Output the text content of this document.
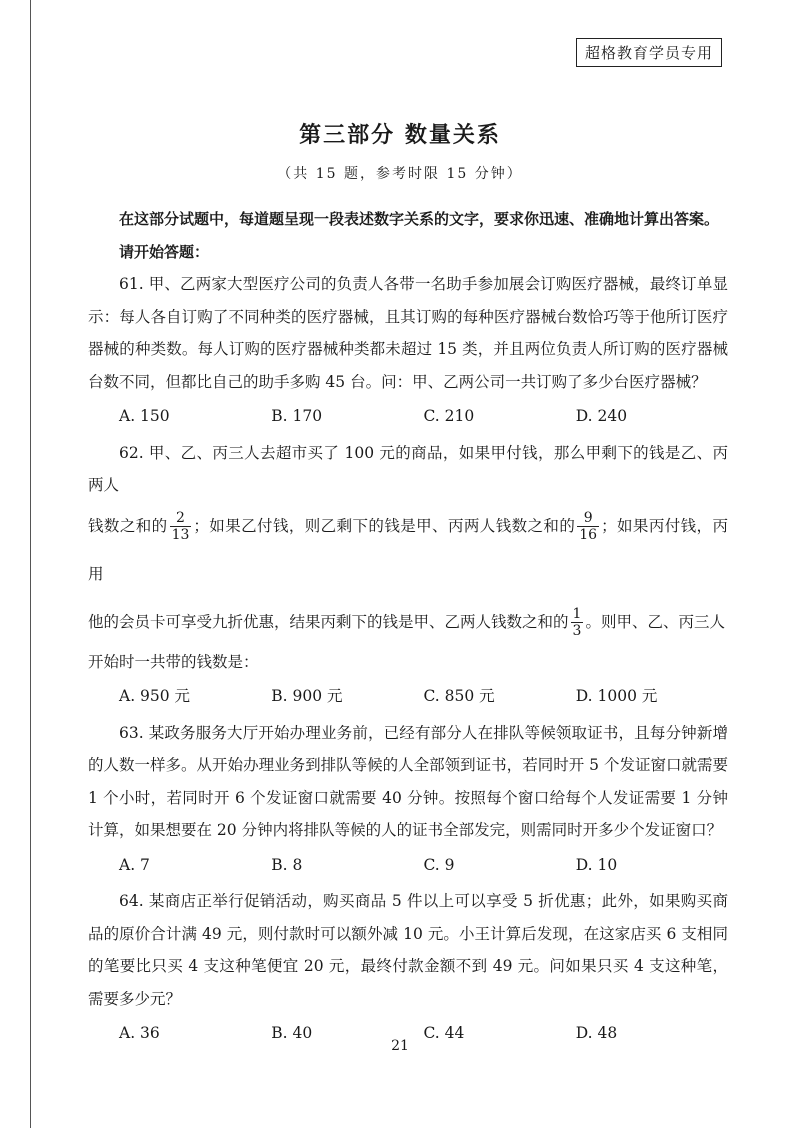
超格教育学员专用
第三部分 数量关系
（共 15 题，参考时限 15 分钟）

在这部分试题中，每道题呈现一段表述数字关系的文字，要求你迅速、准确地计算出答案。

请开始答题：

61. 甲、乙两家大型医疗公司的负责人各带一名助手参加展会订购医疗器械，最终订单显示：每人各自订购了不同种类的医疗器械，且其订购的每种医疗器械台数恰巧等于他所订医疗器械的种类数。每人订购的医疗器械种类都未超过 15 类，并且两位负责人所订购的医疗器械台数不同，但都比自己的助手多购 45 台。问：甲、乙两公司一共订购了多少台医疗器械？

A. 150	B. 170	C. 210	D. 240

62. 甲、乙、丙三人去超市买了 100 元的商品，如果甲付钱，那么甲剩下的钱是乙、丙两人

钱数之和的 $\frac{2}{13}$ ；如果乙付钱，则乙剩下的钱是甲、丙两人钱数之和的 $\frac{9}{16}$ ；如果丙付钱，丙用

他的会员卡可享受九折优惠，结果丙剩下的钱是甲、乙两人钱数之和的 $\frac{1}{3}$ 。则甲、乙、丙三人

开始时一共带的钱数是：

A. 950 元	B. 900 元	C. 850 元	D. 1000 元

63. 某政务服务大厅开始办理业务前，已经有部分人在排队等候领取证书，且每分钟新增的人数一样多。从开始办理业务到排队等候的人全部领到证书，若同时开 5 个发证窗口就需要 1 个小时，若同时开 6 个发证窗口就需要 40 分钟。按照每个窗口给每个人发证需要 1 分钟计算，如果想要在 20 分钟内将排队等候的人的证书全部发完，则需同时开多少个发证窗口？

A. 7	B. 8	C. 9	D. 10

64. 某商店正举行促销活动，购买商品 5 件以上可以享受 5 折优惠；此外，如果购买商品的原价合计满 49 元，则付款时可以额外减 10 元。小王计算后发现，在这家店买 6 支相同的笔要比只买 4 支这种笔便宜 20 元，最终付款金额不到 49 元。问如果只买 4 支这种笔，需要多少元？

A. 36	B. 40	C. 44	D. 48
21
